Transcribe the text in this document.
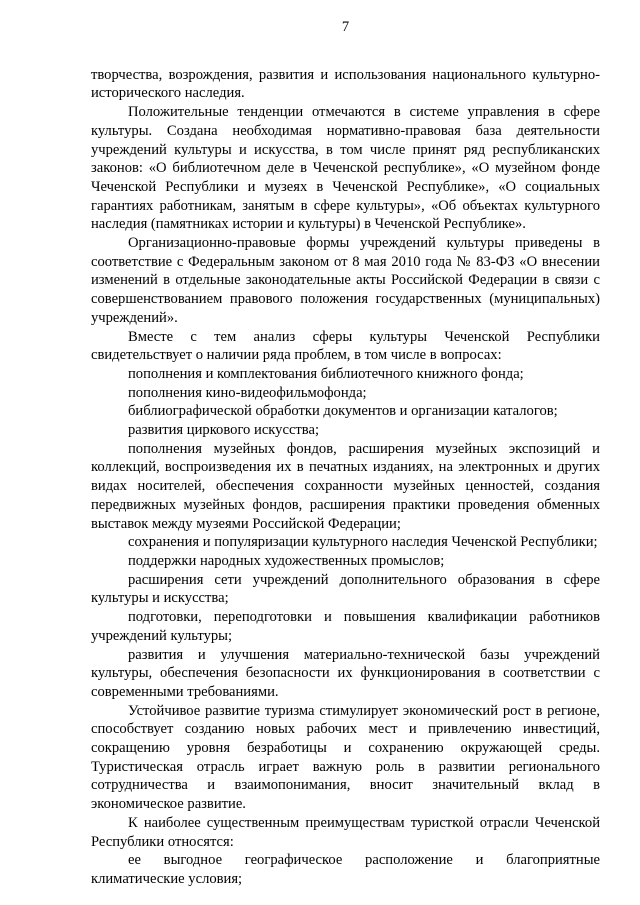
7

творчества, возрождения, развития и использования национального культурно-исторического наследия.

Положительные тенденции отмечаются в системе управления в сфере культуры. Создана необходимая нормативно-правовая база деятельности учреждений культуры и искусства, в том числе принят ряд республиканских законов: «О библиотечном деле в Чеченской республике», «О музейном фонде Чеченской Республики и музеях в Чеченской Республике», «О социальных гарантиях работникам, занятым в сфере культуры», «Об объектах культурного наследия (памятниках истории и культуры) в Чеченской Республике».

Организационно-правовые формы учреждений культуры приведены в соответствие с Федеральным законом от 8 мая 2010 года № 83-ФЗ «О внесении изменений в отдельные законодательные акты Российской Федерации в связи с совершенствованием правового положения государственных (муниципальных) учреждений».

Вместе с тем анализ сферы культуры Чеченской Республики свидетельствует о наличии ряда проблем, в том числе в вопросах:

пополнения и комплектования библиотечного книжного фонда;

пополнения кино-видеофильмофонда;

библиографической обработки документов и организации каталогов;

развития циркового искусства;

пополнения музейных фондов, расширения музейных экспозиций и коллекций, воспроизведения их в печатных изданиях, на электронных и других видах носителей, обеспечения сохранности музейных ценностей, создания передвижных музейных фондов, расширения практики проведения обменных выставок между музеями Российской Федерации;

сохранения и популяризации культурного наследия Чеченской Республики;

поддержки народных художественных промыслов;

расширения сети учреждений дополнительного образования в сфере культуры и искусства;

подготовки, переподготовки и повышения квалификации работников учреждений культуры;

развития и улучшения материально-технической базы учреждений культуры, обеспечения безопасности их функционирования в соответствии с современными требованиями.

Устойчивое развитие туризма стимулирует экономический рост в регионе, способствует созданию новых рабочих мест и привлечению инвестиций, сокращению уровня безработицы и сохранению окружающей среды. Туристическая отрасль играет важную роль в развитии регионального сотрудничества и взаимопонимания, вносит значительный вклад в экономическое развитие.

К наиболее существенным преимуществам туристкой отрасли Чеченской Республики относятся:

ее выгодное географическое расположение и благоприятные климатические условия;
